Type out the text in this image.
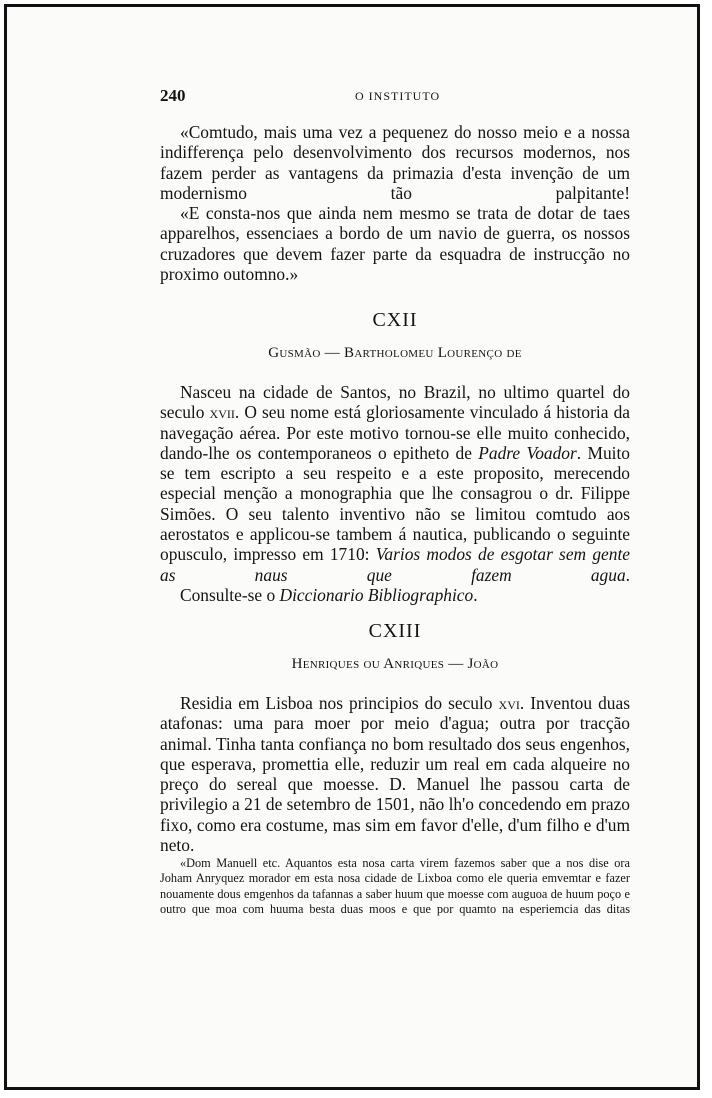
240	O INSTITUTO

«Comtudo, mais uma vez a pequenez do nosso meio e a nossa indifferença pelo desenvolvimento dos recursos modernos, nos fazem perder as vantagens da primazia d'esta invenção de um modernismo tão palpitante!

«E consta-nos que ainda nem mesmo se trata de dotar de taes apparelhos, essenciaes a bordo de um navio de guerra, os nossos cruzadores que devem fazer parte da esquadra de instrucção no proximo outomno.»

CXII
Gusmão — Bartholomeu Lourenço de

Nasceu na cidade de Santos, no Brazil, no ultimo quartel do seculo xvii. O seu nome está gloriosamente vinculado á historia da navegação aérea. Por este motivo tornou-se elle muito conhecido, dando-lhe os contemporaneos o epitheto de Padre Voador. Muito se tem escripto a seu respeito e a este proposito, merecendo especial menção a monographia que lhe consagrou o dr. Filippe Simões. O seu talento inventivo não se limitou comtudo aos aerostatos e applicou-se tambem á nautica, publicando o seguinte opusculo, impresso em 1710: Varios modos de esgotar sem gente as naus que fazem agua.

Consulte-se o Diccionario Bibliographico.

CXIII
Henriques ou Anriques — João

Residia em Lisboa nos principios do seculo xvi. Inventou duas atafonas: uma para moer por meio d'agua; outra por tracção animal. Tinha tanta confiança no bom resultado dos seus engenhos, que esperava, promettia elle, reduzir um real em cada alqueire no preço do sereal que moesse. D. Manuel lhe passou carta de privilegio a 21 de setembro de 1501, não lh'o concedendo em prazo fixo, como era costume, mas sim em favor d'elle, d'um filho e d'um neto.

«Dom Manuell etc. Aquantos esta nosa carta virem fazemos saber que a nos dise ora Joham Anryquez morador em esta nosa cidade de Lixboa como ele queria emvemtar e fazer nouamente dous emgenhos da tafannas a saber huum que moesse com auguoa de huum poço e outro que moa com huuma besta duas moos e que por quamto na esperiemcia das ditas
